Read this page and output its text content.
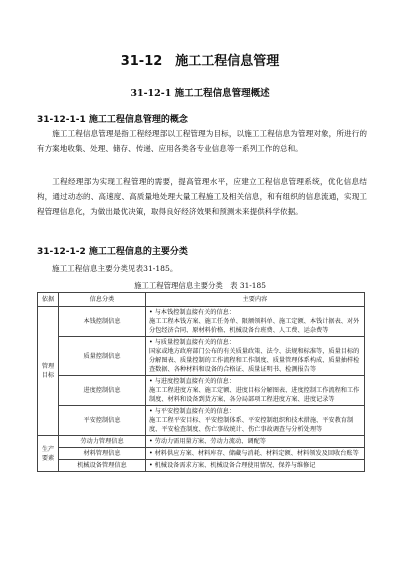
31-12　施工工程信息管理
31-12-1 施工工程信息管理概述
31-12-1-1 施工工程信息管理的概念
施工工程信息管理是指工程经理部以工程管理为目标，以施工工程信息为管理对象，所进行的有方案地收集、处理、储存、传递、应用各类各专业信息等一系列工作的总和。
工程经理部为实现工程管理的需要，提高管理水平，应建立工程信息管理系统，优化信息结构，通过动态的、高速度、高质量地处理大量工程施工及相关信息，和有组织的信息流通，实现工程管理信息化，为做出最优决策，取得良好经济效果和预测未来提供科学依据。
31-12-1-2 施工工程信息的主要分类
施工工程信息主要分类见表31-185。
施工工程管理信息主要分类　表 31-185
依据	信息分类	主要内容
管理目标	本钱控制信息	• 与本钱控制直接有关的信息：

施工工程本钱方案、施工任务单、限额领料单、施工定额、本钱计据表、对外分包经济合同、原材料价格、机械设备台班费、人工费、运杂费等

	质量控制信息	• 与质量控制直接有关的信息：

国家或地方政府部门公布的有关质量政策、法令、法规和标准等，质量目标的分解图表、质量控制的工作流程和工作制度、质量管理体系构成、质量抽样检查数据、各种材料和设备的合格证、质量证明书、检测报告等

	进度控制信息	• 与进度控制直接有关的信息：

施工工程进度方案、施工定额、进度目标分解图表、进度控制工作流程和工作制度、材料和设备到货方案、各分局部项工程进度方案、进度记录等

	平安控制信息	• 与平安控制直接有关的信息：

施工工程平安目标、平安控制体系、平安控制组织和技术措施、平安教育制度、平安检查制度、伤亡事故统计、伤亡事故调查与分析处理等

生产要素	劳动力管理信息	• 劳动力需用量方案、劳动力流动、调配等

	材料管理信息	• 材料供应方案、材料库存、储藏与消耗、材料定额、材料领发及回收台账等

	机械设备管理信息	• 机械设备需求方案、机械设备合理使用情况、保养与维修记
